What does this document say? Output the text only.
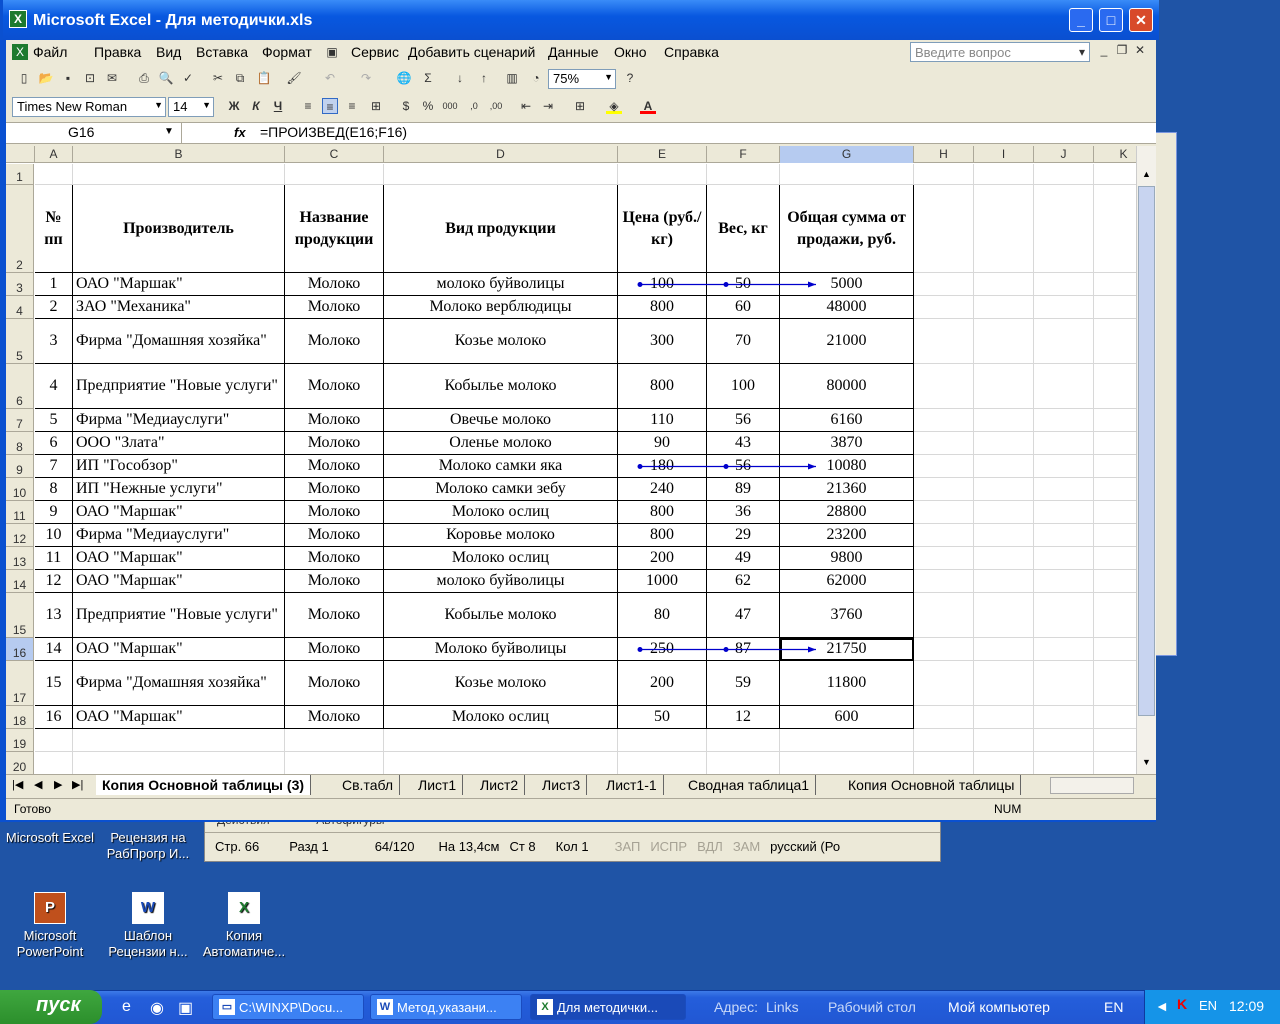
Microsoft Excel	Рецензия на РабПрогр И...
P
Microsoft PowerPoint
W
Шаблон Рецензии н...
X
Копия Автоматиче...

Стр. 66 Разд 1	64/120 На 13,4см Ст 8 Кол 1 ЗАП ИСПР ВДЛ ЗАМ русский (Ро
X Microsoft Excel - Для методички.xls	_	□	✕
X Файл Правка Вид Вставка Формат ▣ Сервис Добавить сценарий Данные Окно Справка	Введите вопрос	▾	_ ❐ ✕
▯ 📂	▪	⊡ ✉ ⎙ 🔍 ✓ ✂	⧉	📋 🖌 ↶ ↷ 🌐	Σ	↓	↑	▥	◔	75%	▼	?
Times New Roman	▼ 14 ▼ Ж	К	Ч	≡	≡	≡	⊞	$	% 000	,0	,00 ⇤ ⇥ ⊞ ◈	A
G16	▼	fx =ПРОИЗВЕД(E16;F16)
A	B	C	D	E	F	G	H	I	J	K
1
2
№ пп
Производитель
Название продукции
Вид продукции
Цена (руб./кг)
Вес, кг
Общая сумма от продажи, руб.
3	1	ОАО "Маршак"	Молоко	молоко буйволицы	100	50	5000
4	2	ЗАО "Механика"	Молоко	Молоко верблюдицы	800	60	48000
5
3	Фирма "Домашняя хозяйка"	Молоко	Козье молоко	300	70	21000
6
4	Предприятие "Новые услуги"	Молоко	Кобылье молоко	800	100	80000
7	5	Фирма "Медиауслуги"	Молоко	Овечье молоко	110	56	6160
8	6	ООО "Злата"	Молоко	Оленье молоко	90	43	3870
9	7	ИП "Гособзор"	Молоко	Молоко самки яка	180	56	10080
10	8	ИП "Нежные услуги"	Молоко	Молоко самки зебу	240	89	21360
11	9	ОАО "Маршак"	Молоко	Молоко ослиц	800	36	28800
12	10 Фирма "Медиауслуги"	Молоко	Коровье молоко	800	29	23200
13	11 ОАО "Маршак"	Молоко	Молоко ослиц	200	49	9800
14	12 ОАО "Маршак"	Молоко	молоко буйволицы	1000	62	62000
15
13 Предприятие "Новые услуги"	Молоко	Кобылье молоко	80	47	3760
16	14 ОАО "Маршак"	Молоко	Молоко буйволицы	250	87	21750
17
15 Фирма "Домашняя хозяйка"	Молоко	Козье молоко	200	59	11800
18	16 ОАО "Маршак"	Молоко	Молоко ослиц	50	12	600
19
20
▲
▼
|◀ ◀ ▶ ▶|	Копия Основной таблицы (3)	Св.табл	Лист1	Лист2	Лист3	Лист1-1	Сводная таблица1	Копия Основной таблицы
Готово	NUM
пуск	e ◉ ▣	▭ C:\WINXP\Docu...	W Метод.указани...	X Для методички...	Адрес: Links Рабочий стол Мой компьютер	EN ◄ K EN 12:09
